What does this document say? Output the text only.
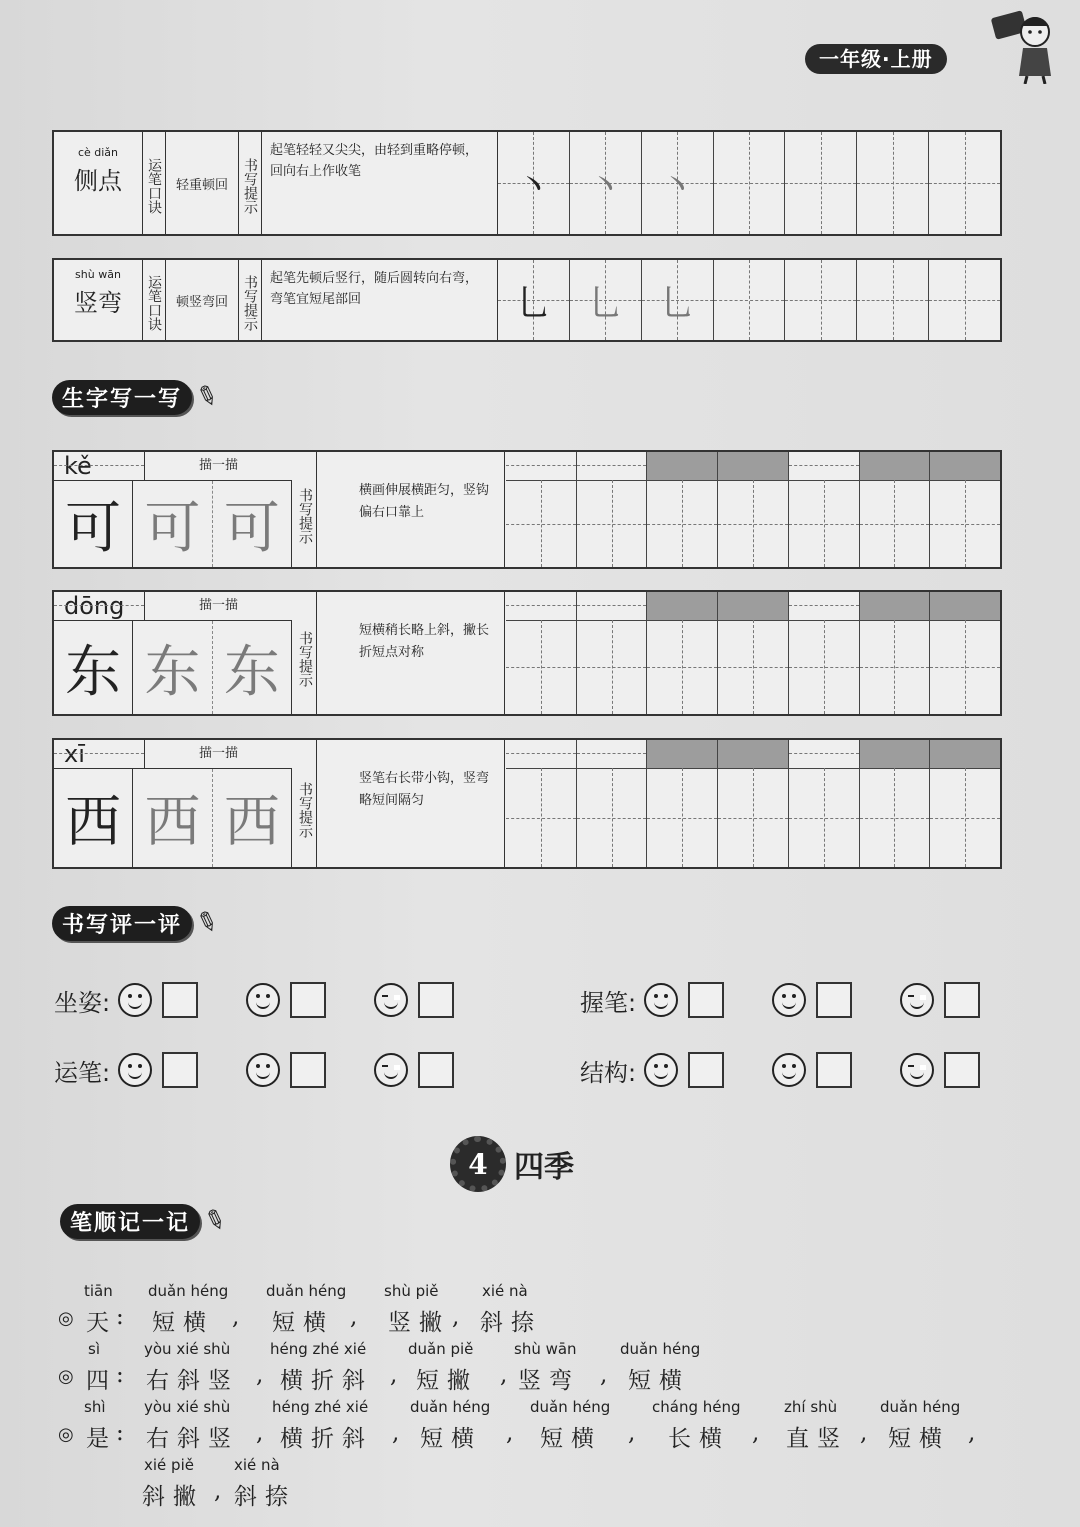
一年级·上册
cè diǎn
侧点	运笔口诀	轻重顿回	书写提示
起笔轻轻又尖尖，由轻到重略停顿，回向右上作收笔	丶 丶 丶
shù wān
竖弯	运笔口诀	顿竖弯回	书写提示 起笔先顿后竖行，随后圆转向右弯，弯笔宜短尾部回	乚 乚 乚
生字写一写 ✎
kě	描一描
可 可 可	书写提示	横画伸展横距匀，竖钩偏右口靠上
dōng	描一描
东 东 东	书写提示
短横稍长略上斜，撇长折短点对称
xī	描一描
西 西 西	书写提示
竖笔右长带小钩，竖弯略短间隔匀
书写评一评 ✎
坐姿:	握笔:
运笔:	结构:
4 四季
笔顺记一记 ✎
tiān
◎ 天 :
duǎn héng
短横
duǎn héng
短横
shù piě
竖撇
xié nà
斜捺
sì
◎ 四 :
yòu xié shù
右斜竖
héng zhé xié
横折斜
duǎn piě
短撇
shù wān
竖弯
duǎn héng
短横
shì
◎ 是 :
yòu xié shù
右斜竖
héng zhé xié
横折斜
duǎn héng
短横
duǎn héng
短横
cháng héng
长横
zhí shù
直竖
duǎn héng
短横
xié piě
斜撇
xié nà
斜捺
,	,	,
,	,	,	,
,	,	,	,	,	,	,
,
